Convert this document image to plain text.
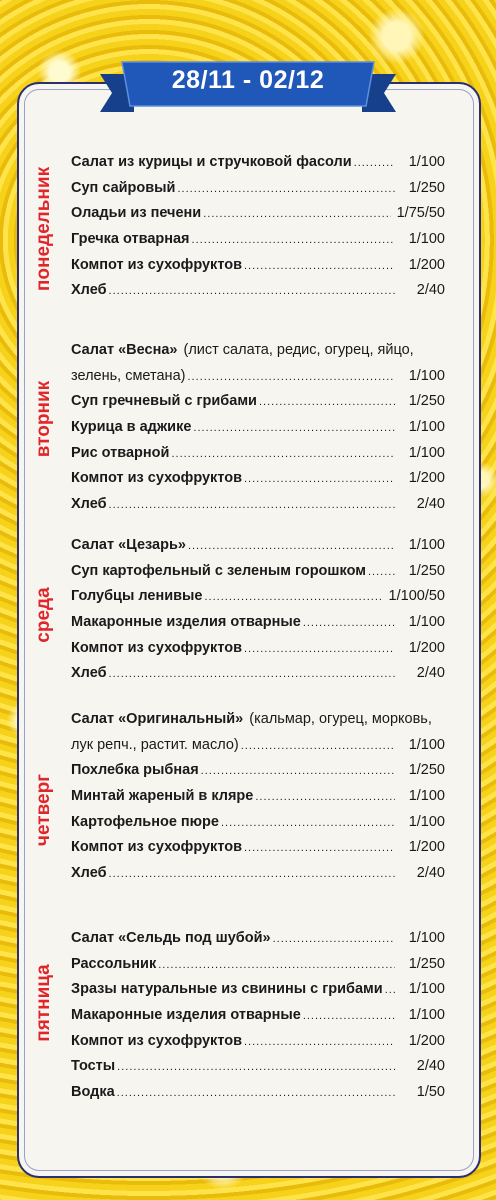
28/11 - 02/12
понедельник
Салат из курицы и стручковой фасоли .....	1/100
Суп сайровый .....	1/250
Оладьи из печени .....	1/75/50
Гречка отварная .....	1/100
Компот из сухофруктов .....	1/200
Хлеб .....	2/40
вторник
Салат «Весна» (лист салата, редис, огурец, яйцо,
зелень, сметана) .....	1/100
Суп гречневый с грибами .....	1/250
Курица в аджике .....	1/100
Рис отварной .....	1/100
Компот из сухофруктов .....	1/200
Хлеб .....	2/40
среда
Салат «Цезарь» .....	1/100
Суп картофельный с зеленым горошком .....	1/250
Голубцы ленивые .....	1/100/50
Макаронные изделия отварные .....	1/100
Компот из сухофруктов .....	1/200
Хлеб .....	2/40
четверг
Салат «Оригинальный» (кальмар, огурец, морковь,
лук репч., растит. масло) .....	1/100
Похлебка рыбная .....	1/250
Минтай жареный в кляре .....	1/100
Картофельное пюре .....	1/100
Компот из сухофруктов .....	1/200
Хлеб .....	2/40
пятница
Салат «Сельдь под шубой» .....	1/100
Рассольник .....	1/250
Зразы натуральные из свинины с грибами .....	1/100
Макаронные изделия отварные .....	1/100
Компот из сухофруктов .....	1/200
Тосты .....	2/40
Водка .....	1/50
